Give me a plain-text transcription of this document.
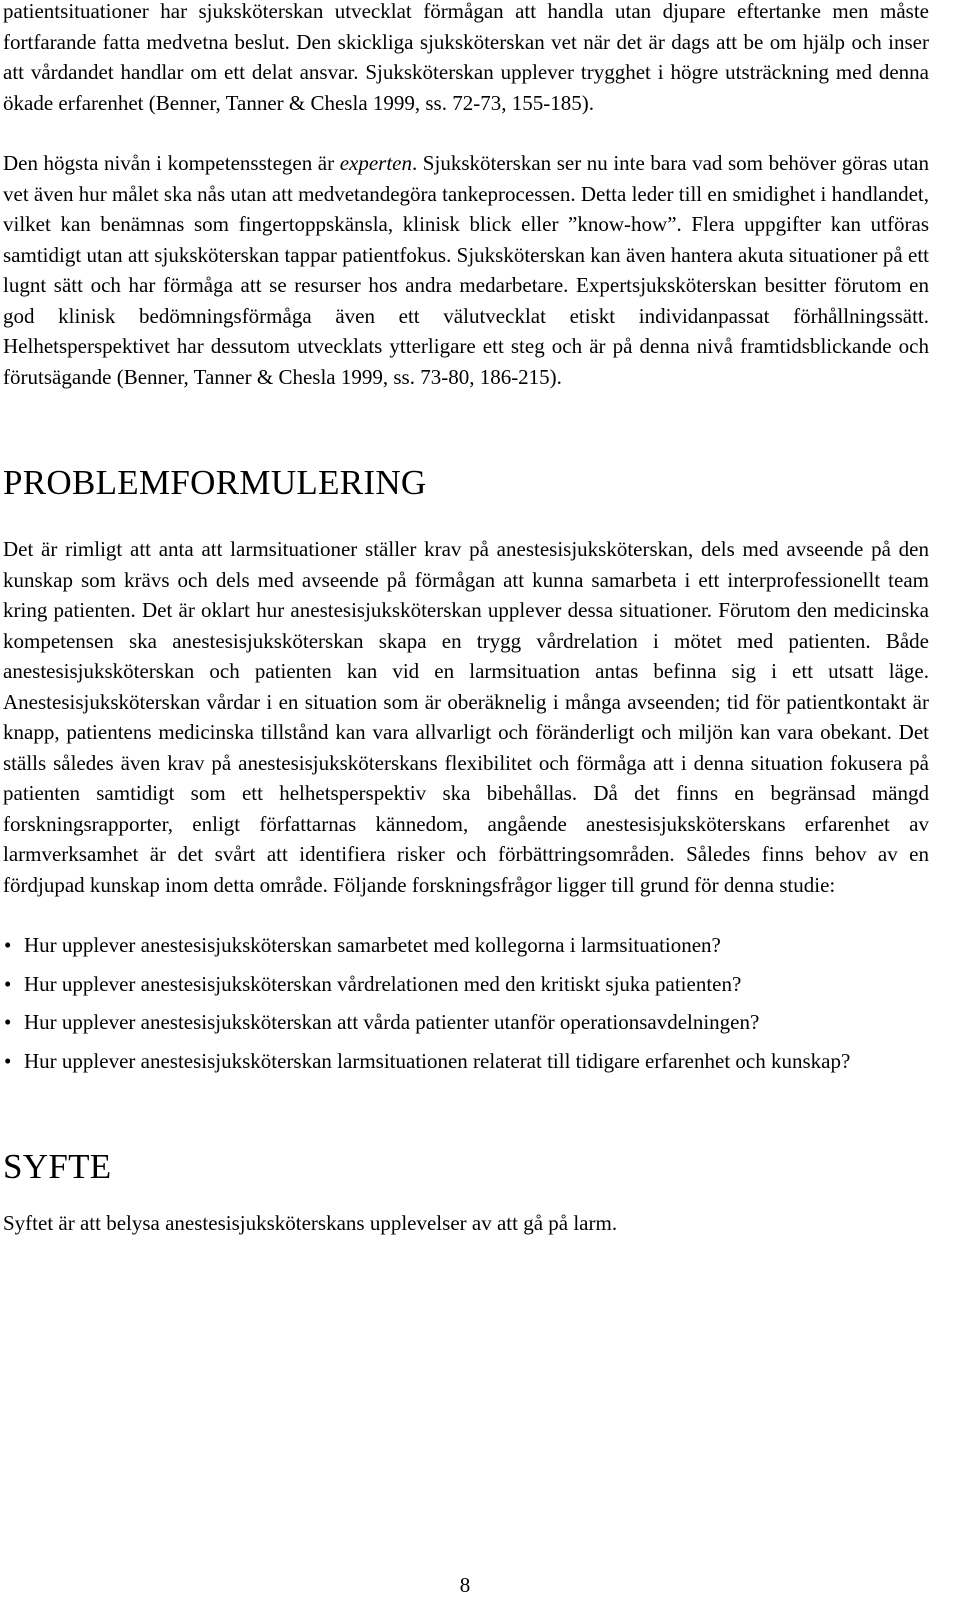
patientsituationer har sjuksköterskan utvecklat förmågan att handla utan djupare eftertanke men måste fortfarande fatta medvetna beslut. Den skickliga sjuksköterskan vet när det är dags att be om hjälp och inser att vårdandet handlar om ett delat ansvar. Sjuksköterskan upplever trygghet i högre utsträckning med denna ökade erfarenhet (Benner, Tanner & Chesla 1999, ss. 72-73, 155-185).

Den högsta nivån i kompetensstegen är experten. Sjuksköterskan ser nu inte bara vad som behöver göras utan vet även hur målet ska nås utan att medvetandegöra tankeprocessen. Detta leder till en smidighet i handlandet, vilket kan benämnas som fingertoppskänsla, klinisk blick eller ”know-how”. Flera uppgifter kan utföras samtidigt utan att sjuksköterskan tappar patientfokus. Sjuksköterskan kan även hantera akuta situationer på ett lugnt sätt och har förmåga att se resurser hos andra medarbetare. Expertsjuksköterskan besitter förutom en god klinisk bedömningsförmåga även ett välutvecklat etiskt individanpassat förhållningssätt. Helhetsperspektivet har dessutom utvecklats ytterligare ett steg och är på denna nivå framtidsblickande och förutsägande (Benner, Tanner & Chesla 1999, ss. 73-80, 186-215).

PROBLEMFORMULERING

Det är rimligt att anta att larmsituationer ställer krav på anestesisjuksköterskan, dels med avseende på den kunskap som krävs och dels med avseende på förmågan att kunna samarbeta i ett interprofessionellt team kring patienten. Det är oklart hur anestesisjuksköterskan upplever dessa situationer. Förutom den medicinska kompetensen ska anestesisjuksköterskan skapa en trygg vårdrelation i mötet med patienten. Både anestesisjuksköterskan och patienten kan vid en larmsituation antas befinna sig i ett utsatt läge. Anestesisjuksköterskan vårdar i en situation som är oberäknelig i många avseenden; tid för patientkontakt är knapp, patientens medicinska tillstånd kan vara allvarligt och föränderligt och miljön kan vara obekant. Det ställs således även krav på anestesisjuksköterskans flexibilitet och förmåga att i denna situation fokusera på patienten samtidigt som ett helhetsperspektiv ska bibehållas. Då det finns en begränsad mängd forskningsrapporter, enligt författarnas kännedom, angående anestesisjuksköterskans erfarenhet av larmverksamhet är det svårt att identifiera risker och förbättringsområden. Således finns behov av en fördjupad kunskap inom detta område. Följande forskningsfrågor ligger till grund för denna studie:

• Hur upplever anestesisjuksköterskan samarbetet med kollegorna i larmsituationen?
• Hur upplever anestesisjuksköterskan vårdrelationen med den kritiskt sjuka patienten?
• Hur upplever anestesisjuksköterskan att vårda patienter utanför operationsavdelningen?
• Hur upplever anestesisjuksköterskan larmsituationen relaterat till tidigare erfarenhet och kunskap?
SYFTE

Syftet är att belysa anestesisjuksköterskans upplevelser av att gå på larm.

8
